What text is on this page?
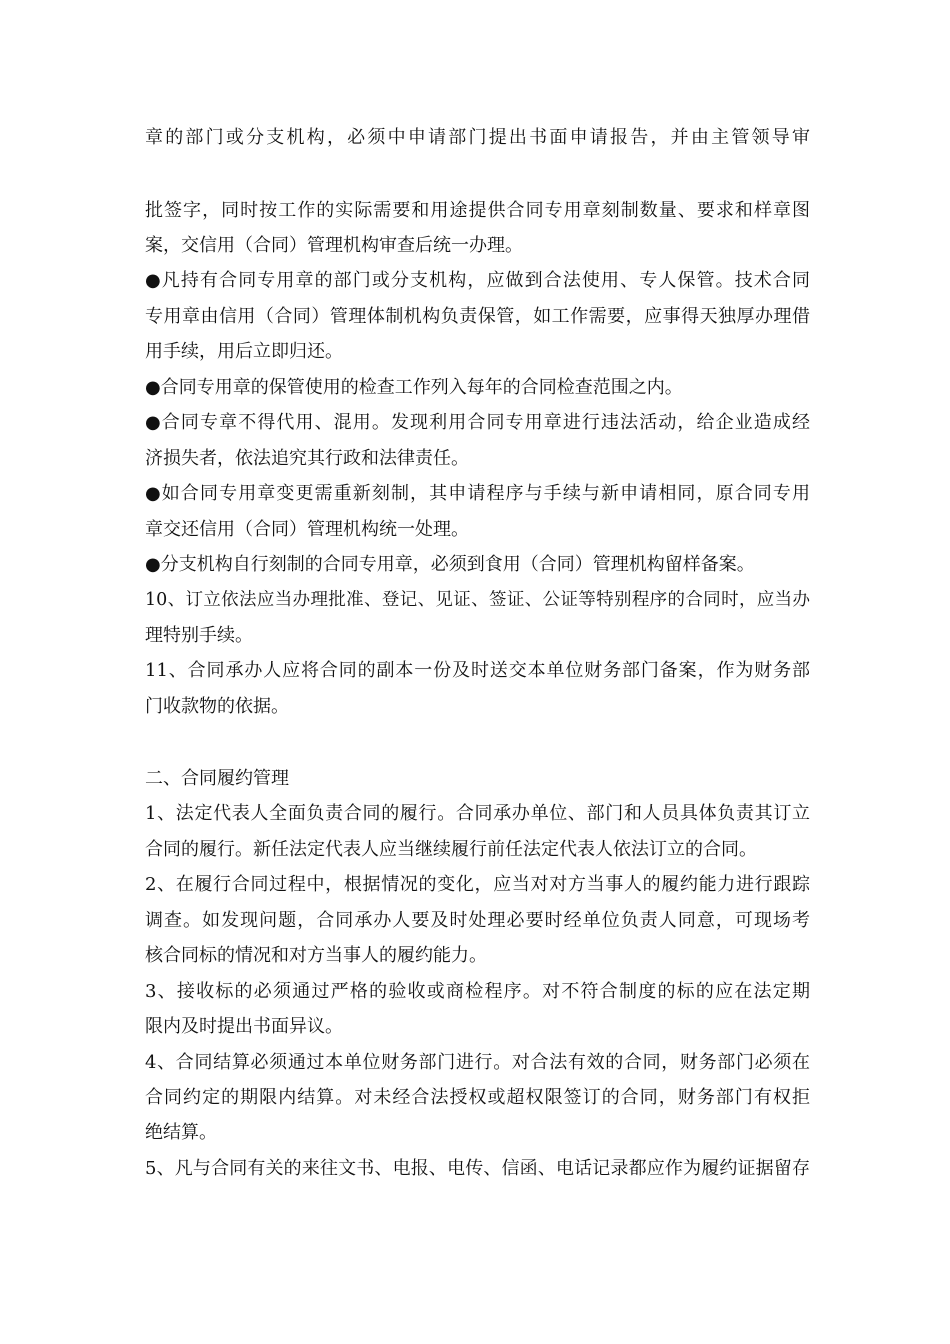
章的部门或分支机构，必须中申请部门提出书面申请报告，并由主管领导审
批签字，同时按工作的实际需要和用途提供合同专用章刻制数量、要求和样章图
案，交信用（合同）管理机构审查后统一办理。
●凡持有合同专用章的部门或分支机构，应做到合法使用、专人保管。技术合同
专用章由信用（合同）管理体制机构负责保管，如工作需要，应事得天独厚办理借
用手续，用后立即归还。
●合同专用章的保管使用的检查工作列入每年的合同检查范围之内。
●合同专章不得代用、混用。发现利用合同专用章进行违法活动，给企业造成经
济损失者，依法追究其行政和法律责任。
●如合同专用章变更需重新刻制，其申请程序与手续与新申请相同，原合同专用
章交还信用（合同）管理机构统一处理。
●分支机构自行刻制的合同专用章，必须到食用（合同）管理机构留样备案。
10、订立依法应当办理批准、登记、见证、签证、公证等特别程序的合同时，应当办
理特别手续。
11、合同承办人应将合同的副本一份及时送交本单位财务部门备案，作为财务部
门收款物的依据。
二、合同履约管理
1、法定代表人全面负责合同的履行。合同承办单位、部门和人员具体负责其订立
合同的履行。新任法定代表人应当继续履行前任法定代表人依法订立的合同。
2、在履行合同过程中，根据情况的变化，应当对对方当事人的履约能力进行跟踪
调查。如发现问题，合同承办人要及时处理必要时经单位负责人同意，可现场考
核合同标的情况和对方当事人的履约能力。
3、接收标的必须通过严格的验收或商检程序。对不符合制度的标的应在法定期
限内及时提出书面异议。
4、合同结算必须通过本单位财务部门进行。对合法有效的合同，财务部门必须在
合同约定的期限内结算。对未经合法授权或超权限签订的合同，财务部门有权拒
绝结算。
5、凡与合同有关的来往文书、电报、电传、信函、电话记录都应作为履约证据留存
